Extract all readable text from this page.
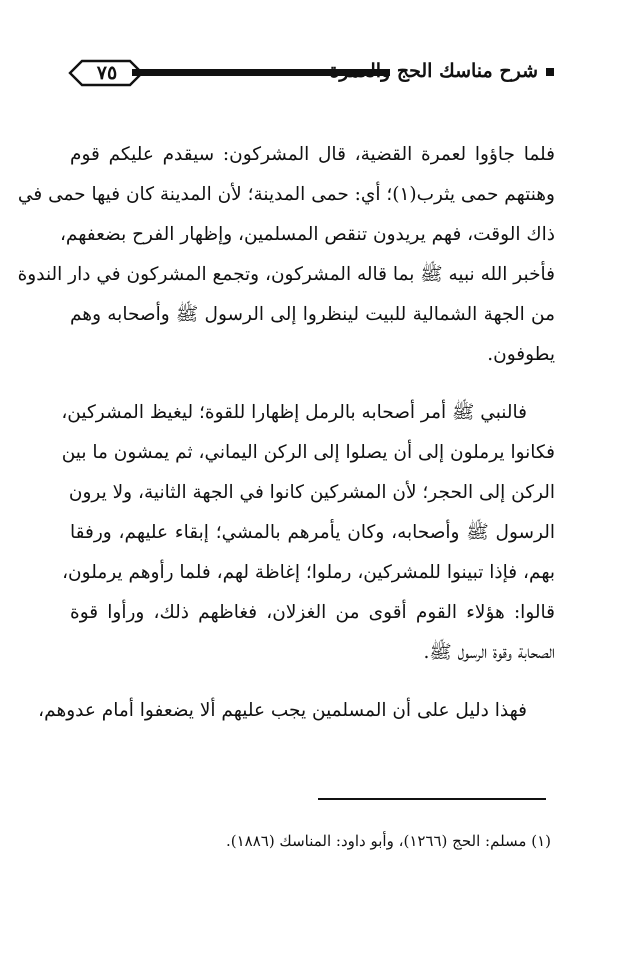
٧٥	شرح مناسك الحج والعمرة
فلما جاؤوا لعمرة القضية، قال المشركون: سيقدم عليكم قوم
وهنتهم حمى يثرب(١)؛ أي: حمى المدينة؛ لأن المدينة كان فيها حمى في
ذاك الوقت، فهم يريدون تنقص المسلمين، وإظهار الفرح بضعفهم،
فأخبر الله نبيه ﷺ بما قاله المشركون، وتجمع المشركون في دار الندوة
من الجهة الشمالية للبيت لينظروا إلى الرسول ﷺ وأصحابه وهم
يطوفون.
فالنبي ﷺ أمر أصحابه بالرمل إظهارا للقوة؛ ليغيظ المشركين،
فكانوا يرملون إلى أن يصلوا إلى الركن اليماني، ثم يمشون ما بين
الركن إلى الحجر؛ لأن المشركين كانوا في الجهة الثانية، ولا يرون
الرسول ﷺ وأصحابه، وكان يأمرهم بالمشي؛ إبقاء عليهم، ورفقا
بهم، فإذا تبينوا للمشركين، رملوا؛ إغاظة لهم، فلما رأوهم يرملون،
قالوا: هؤلاء القوم أقوى من الغزلان، فغاظهم ذلك، ورأوا قوة
الصحابة وقوة الرسول ﷺ.
فهذا دليل على أن المسلمين يجب عليهم ألا يضعفوا أمام عدوهم،
(١) مسلم: الحج (١٢٦٦)، وأبو داود: المناسك (١٨٨٦).
